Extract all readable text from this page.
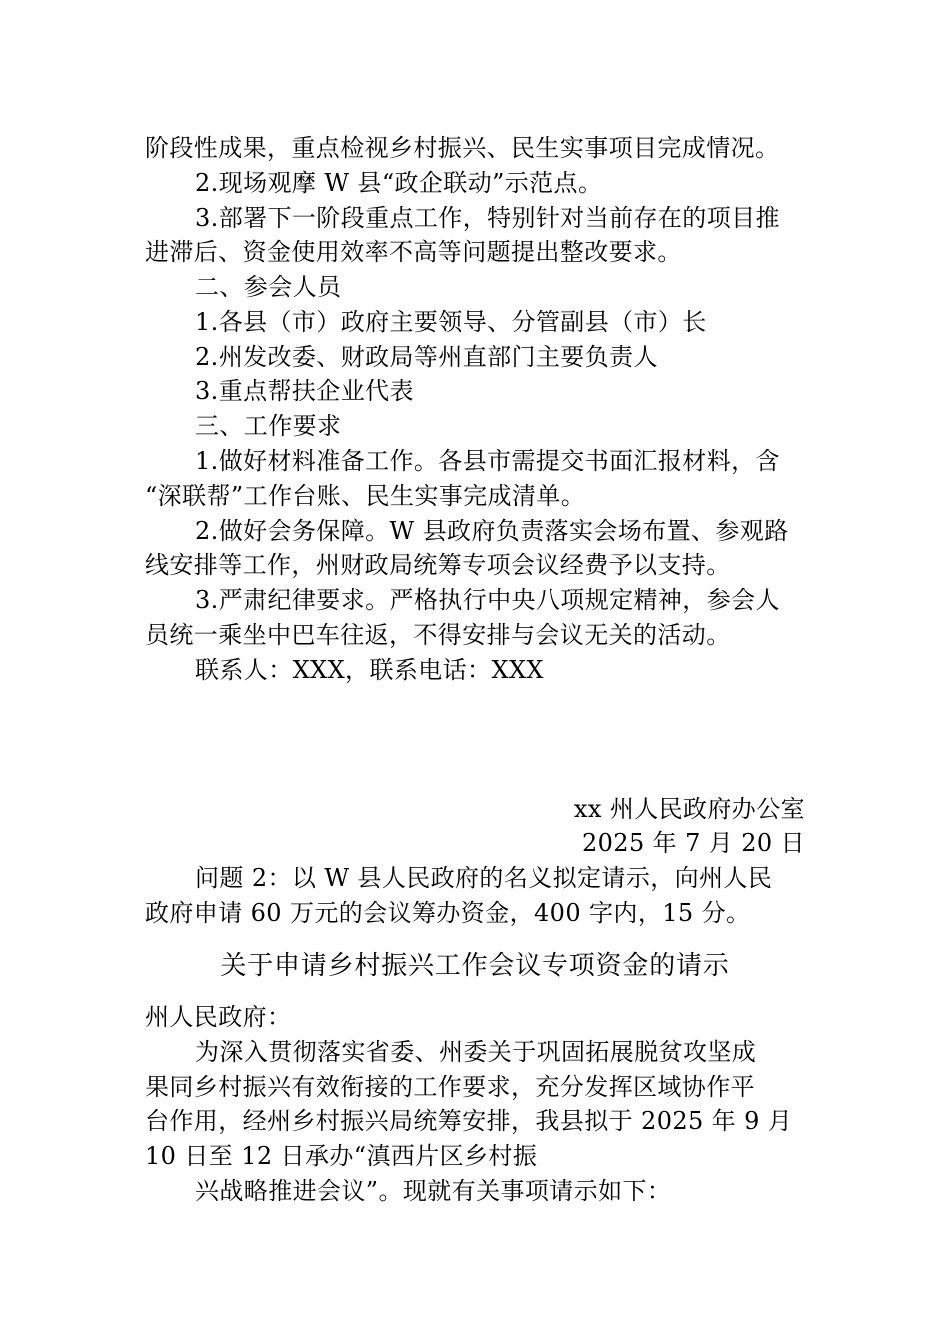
阶段性成果，重点检视乡村振兴、民生实事项目完成情况。
2.现场观摩 W 县“政企联动”示范点。
3.部署下一阶段重点工作，特别针对当前存在的项目推
进滞后、资金使用效率不高等问题提出整改要求。
二、参会人员
1.各县（市）政府主要领导、分管副县（市）长
2.州发改委、财政局等州直部门主要负责人
3.重点帮扶企业代表
三、工作要求
1.做好材料准备工作。各县市需提交书面汇报材料，含
“深联帮”工作台账、民生实事完成清单。
2.做好会务保障。W 县政府负责落实会场布置、参观路
线安排等工作，州财政局统筹专项会议经费予以支持。
3.严肃纪律要求。严格执行中央八项规定精神，参会人
员统一乘坐中巴车往返，不得安排与会议无关的活动。
联系人：XXX，联系电话：XXX
xx 州人民政府办公室
2025 年 7 月 20 日
问题 2：以 W 县人民政府的名义拟定请示，向州人民
政府申请 60 万元的会议筹办资金，400 字内，15 分。
关于申请乡村振兴工作会议专项资金的请示
州人民政府：
为深入贯彻落实省委、州委关于巩固拓展脱贫攻坚成
果同乡村振兴有效衔接的工作要求，充分发挥区域协作平
台作用，经州乡村振兴局统筹安排，我县拟于 2025 年 9 月
10 日至 12 日承办“滇西片区乡村振
兴战略推进会议”。现就有关事项请示如下：
